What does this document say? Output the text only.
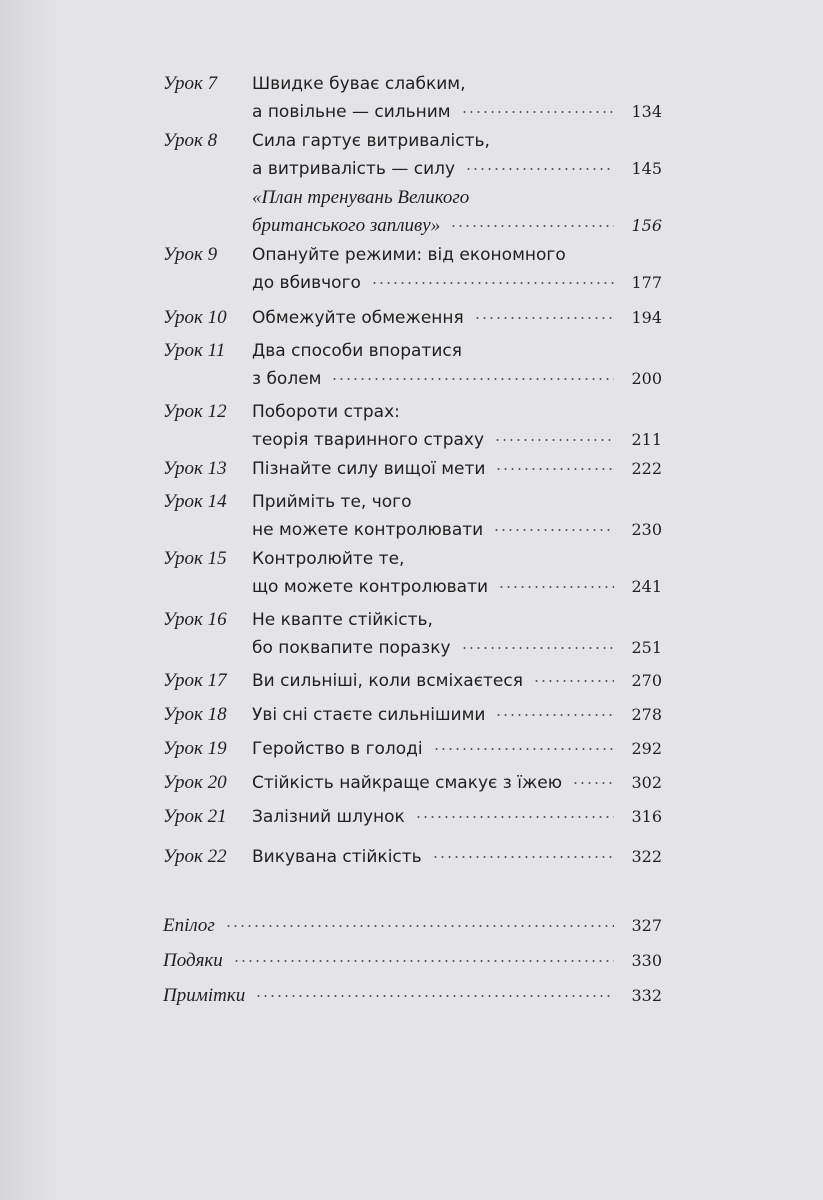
Урок 7 Швидке буває слабким,
а повільне — сильним	134
Урок 8 Сила гартує витривалість,
а витривалість — силу	145
«План тренувань Великого
британського запливу»	156
Урок 9 Опануйте режими: від економного
до вбивчого	177
Урок 10 Обмежуйте обмеження	194
Урок 11 Два способи впоратися
з болем	200
Урок 12 Побороти страх:
теорія тваринного страху	211
Урок 13 Пізнайте силу вищої мети	222
Урок 14 Прийміть те, чого
не можете контролювати	230
Урок 15 Контролюйте те,
що можете контролювати	241
Урок 16 Не квапте стійкість,
бо поквапите поразку	251
Урок 17 Ви сильніші, коли всміхаєтеся	270
Урок 18 Уві сні стаєте сильнішими	278
Урок 19 Геройство в голоді	292
Урок 20 Стійкість найкраще смакує з їжею	302
Урок 21 Залізний шлунок	316
Урок 22 Викувана стійкість	322
Епілог	327
Подяки	330
Примітки	332
